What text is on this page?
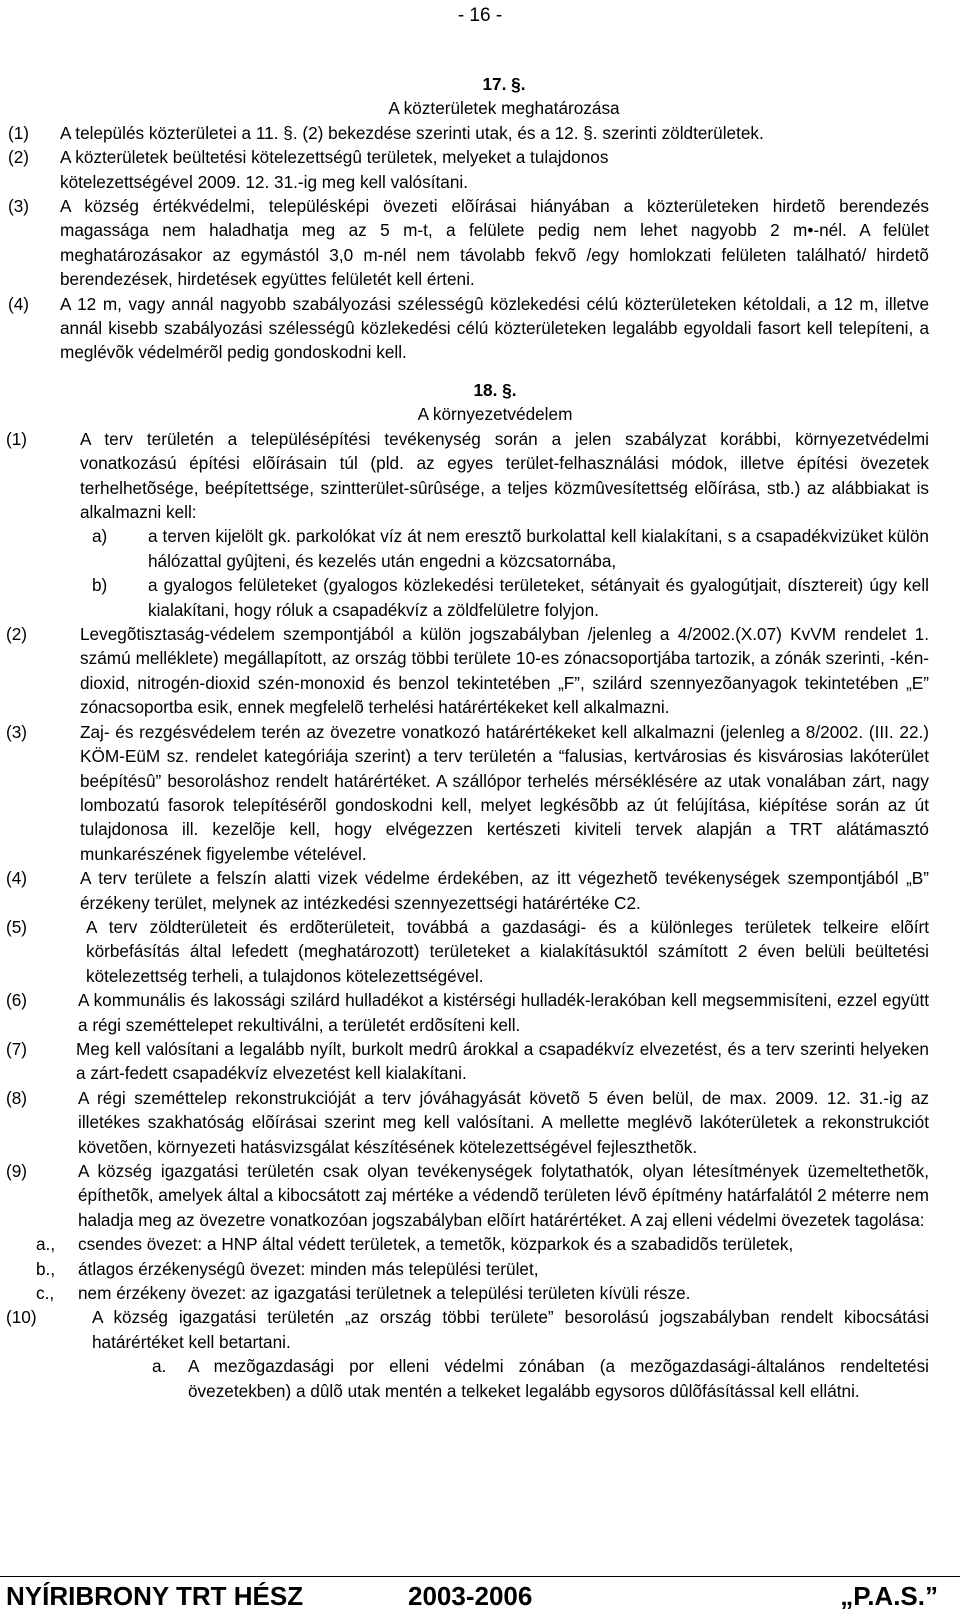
- 16 -
17. §.
A közterületek meghatározása
(1)	A település közterületei a 11. §. (2) bekezdése szerinti utak, és a 12. §. szerinti zöldterületek.
(2)	A közterületek beültetési kötelezettségû területek, melyeket a tulajdonos kötelezettségével 2009. 12. 31.-ig meg kell valósítani.
(3)	A község értékvédelmi, településképi övezeti elõírásai hiányában a közterületeken hirdetõ berendezés magassága nem haladhatja meg az 5 m-t, a felülete pedig nem lehet nagyobb 2 m•-nél. A felület meghatározásakor az egymástól 3,0 m-nél nem távolabb fekvõ /egy homlokzati felületen található/ hirdetõ berendezések, hirdetések együttes felületét kell érteni.
(4)	A 12 m, vagy annál nagyobb szabályozási szélességû közlekedési célú közterületeken kétoldali, a 12 m, illetve annál kisebb szabályozási szélességû közlekedési célú közterületeken legalább egyoldali fasort kell telepíteni, a meglévõk védelmérõl pedig gondoskodni kell.
18. §.
A környezetvédelem
(1)	A terv területén a településépítési tevékenység során a jelen szabályzat korábbi, környezetvédelmi vonatkozású építési elõírásain túl (pld. az egyes terület-felhasználási módok, illetve építési övezetek terhelhetõsége, beépítettsége, szintterület-sûrûsége, a teljes közmûvesítettség elõírása, stb.) az alábbiakat is alkalmazni kell:
a)	a terven kijelölt gk. parkolókat víz át nem eresztõ burkolattal kell kialakítani, s a csapadékvizüket külön hálózattal gyûjteni, és kezelés után engedni a közcsatornába,
b)	a gyalogos felületeket (gyalogos közlekedési területeket, sétányait és gyalogútjait, dísztereit) úgy kell kialakítani, hogy róluk a csapadékvíz a zöldfelületre folyjon.
(2)	Levegõtisztaság-védelem szempontjából a külön jogszabályban /jelenleg a 4/2002.(X.07) KvVM rendelet 1. számú melléklete) megállapított, az ország többi területe 10-es zónacsoportjába tartozik, a zónák szerinti, -kén-dioxid, nitrogén-dioxid szén-monoxid és benzol tekintetében „F”, szilárd szennyezõanyagok tekintetében „E” zónacsoportba esik, ennek megfelelõ terhelési határértékeket kell alkalmazni.
(3)	Zaj- és rezgésvédelem terén az övezetre vonatkozó határértékeket kell alkalmazni (jelenleg a 8/2002. (III. 22.) KÖM-EüM sz. rendelet kategóriája szerint) a terv területén a “falusias, kertvárosias és kisvárosias lakóterület beépítésû” besoroláshoz rendelt határértéket. A szállópor terhelés mérséklésére az utak vonalában zárt, nagy lombozatú fasorok telepítésérõl gondoskodni kell, melyet legkésõbb az út felújítása, kiépítése során az út tulajdonosa ill. kezelõje kell, hogy elvégezzen kertészeti kiviteli tervek alapján a TRT alátámasztó munkarészének figyelembe vételével.
(4)	A terv területe a felszín alatti vizek védelme érdekében, az itt végezhetõ tevékenységek szempontjából „B” érzékeny terület, melynek az intézkedési szennyezettségi határértéke C2.
(5)	A terv zöldterületeit és erdõterületeit, továbbá a gazdasági- és a különleges területek telkeire elõírt körbefásítás által lefedett (meghatározott) területeket a kialakításuktól számított 2 éven belüli beültetési kötelezettség terheli, a tulajdonos kötelezettségével.
(6)	A kommunális és lakossági szilárd hulladékot a kistérségi hulladék-lerakóban kell megsemmisíteni, ezzel együtt a régi szeméttelepet rekultiválni, a területét erdõsíteni kell.
(7)	Meg kell valósítani a legalább nyílt, burkolt medrû árokkal a csapadékvíz elvezetést, és a terv szerinti helyeken a zárt-fedett csapadékvíz elvezetést kell kialakítani.
(8)	A régi szeméttelep rekonstrukcióját a terv jóváhagyását követõ 5 éven belül, de max. 2009. 12. 31.-ig az illetékes szakhatóság elõírásai szerint meg kell valósítani. A mellette meglévõ lakóterületek a rekonstrukciót követõen, környezeti hatásvizsgálat készítésének kötelezettségével fejleszthetõk.
(9)	A község igazgatási területén csak olyan tevékenységek folytathatók, olyan létesítmények üzemeltethetõk, építhetõk, amelyek által a kibocsátott zaj mértéke a védendõ területen lévõ építmény határfalától 2 méterre nem haladja meg az övezetre vonatkozóan jogszabályban elõírt határértéket. A zaj elleni védelmi övezetek tagolása:
a.,	csendes övezet: a HNP által védett területek, a temetõk, közparkok és a szabadidõs területek,
b.,	átlagos érzékenységû övezet: minden más települési terület,
c.,	nem érzékeny övezet: az igazgatási területnek a települési területen kívüli része.
(10)	A község igazgatási területén „az ország többi területe” besorolású jogszabályban rendelt kibocsátási határértéket kell betartani.
a.	A mezõgazdasági por elleni védelmi zónában (a mezõgazdasági-általános rendeltetési övezetekben) a dûlõ utak mentén a telkeket legalább egysoros dûlõfásítással kell ellátni.
NYÍRIBRONY TRT HÉSZ	2003-2006	„P.A.S.”
